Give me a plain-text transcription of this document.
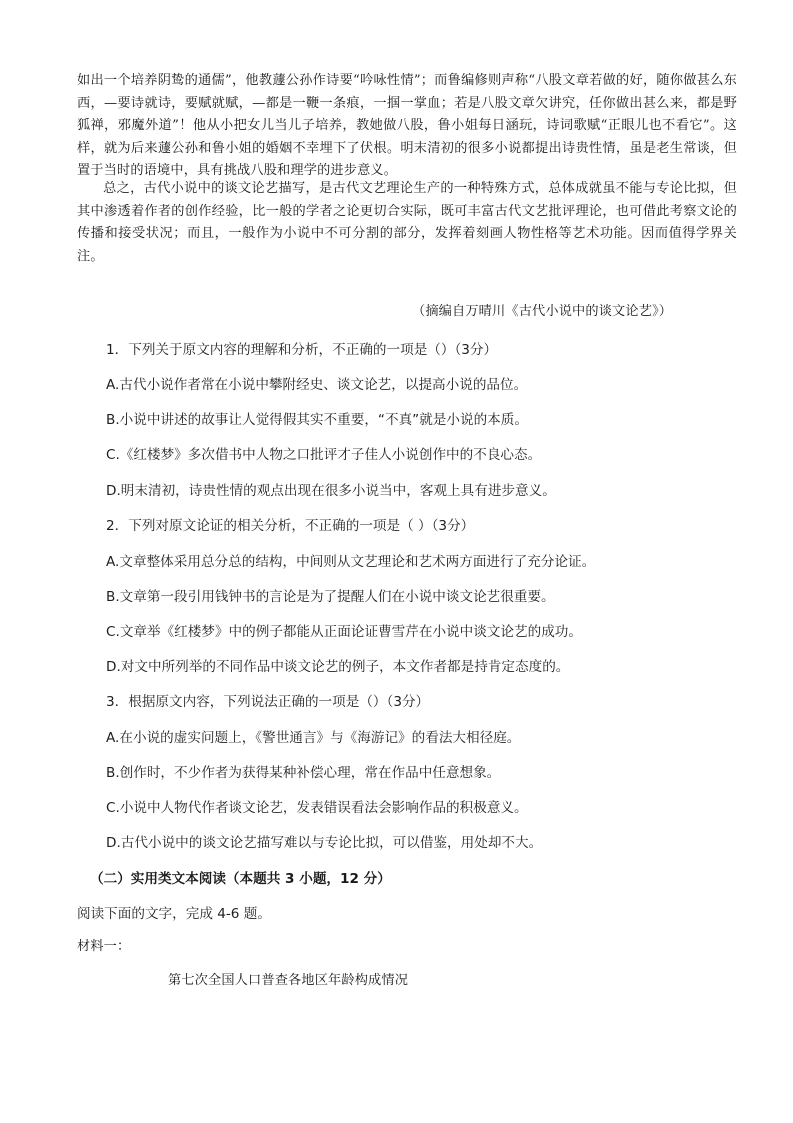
如出一个培养阴鸷的通儒”，他教蘧公孙作诗要“吟咏性情”；而鲁编修则声称“八股文章若做的好，随你做甚么东西，—要诗就诗，要赋就赋，—都是一鞭一条痕，一掴一掌血；若是八股文章欠讲究，任你做出甚么来，都是野狐禅，邪魔外道”！他从小把女儿当儿子培养，教她做八股，鲁小姐每日涵玩，诗词歌赋“正眼儿也不看它”。这样，就为后来蘧公孙和鲁小姐的婚姻不幸埋下了伏根。明末清初的很多小说都提出诗贵性情，虽是老生常谈，但置于当时的语境中，具有挑战八股和理学的进步意义。

总之，古代小说中的谈文论艺描写，是古代文艺理论生产的一种特殊方式，总体成就虽不能与专论比拟，但其中渗透着作者的创作经验，比一般的学者之论更切合实际，既可丰富古代文艺批评理论，也可借此考察文论的传播和接受状况；而且，一般作为小说中不可分割的部分，发挥着刻画人物性格等艺术功能。因而值得学界关注。

（摘编自万晴川《古代小说中的谈文论艺》）
1．下列关于原文内容的理解和分析，不正确的一项是（）（3分）
A.古代小说作者常在小说中攀附经史、谈文论艺，以提高小说的品位。
B.小说中讲述的故事让人觉得假其实不重要，“不真”就是小说的本质。
C.《红楼梦》多次借书中人物之口批评才子佳人小说创作中的不良心态。
D.明末清初，诗贵性情的观点出现在很多小说当中，客观上具有进步意义。
2．下列对原文论证的相关分析，不正确的一项是（ ）（3分）
A.文章整体采用总分总的结构，中间则从文艺理论和艺术两方面进行了充分论证。
B.文章第一段引用钱钟书的言论是为了提醒人们在小说中谈文论艺很重要。
C.文章举《红楼梦》中的例子都能从正面论证曹雪芹在小说中谈文论艺的成功。
D.对文中所列举的不同作品中谈文论艺的例子，本文作者都是持肯定态度的。
3．根据原文内容，下列说法正确的一项是（）（3分）
A.在小说的虚实问题上，《警世通言》与《海游记》的看法大相径庭。
B.创作时，不少作者为获得某种补偿心理，常在作品中任意想象。
C.小说中人物代作者谈文论艺，发表错误看法会影响作品的积极意义。
D.古代小说中的谈文论艺描写难以与专论比拟，可以借鉴，用处却不大。
（二）实用类文本阅读（本题共 3 小题，12 分）
阅读下面的文字，完成 4-6 题。
材料一：
第七次全国人口普查各地区年龄构成情况
